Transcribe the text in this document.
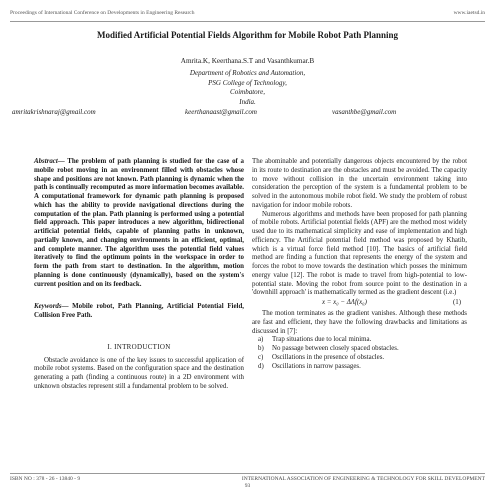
Proceedings of International Conference on Developments in Engineering Research	www.iaetsd.in
Modified Artificial Potential Fields Algorithm for Mobile Robot Path Planning
Amrita.K, Keerthana.S.T and Vasanthkumar.B
Department of Robotics and Automation,
PSG College of Technology,
Coimbatore,
India.
amritakrishnaraj@gmail.com	keerthanaast@gmail.com	vasanthbe@gmail.com

Abstract— The problem of path planning is studied for the case of a mobile robot moving in an environment filled with obstacles whose shape and positions are not known. Path planning is dynamic when the path is continually recomputed as more information becomes available. A computational framework for dynamic path planning is proposed which has the ability to provide navigational directions during the computation of the plan. Path planning is performed using a potential field approach. This paper introduces a new algorithm, bidirectional artificial potential fields, capable of planning paths in unknown, partially known, and changing environments in an efficient, optimal, and complete manner. The algorithm uses the potential field values iteratively to find the optimum points in the workspace in order to form the path from start to destination. In the algorithm, motion planning is done continuously (dynamically), based on the system's current position and on its feedback.

Keywords— Mobile robot, Path Planning, Artificial Potential Field, Collision Free Path.

I. INTRODUCTION

Obstacle avoidance is one of the key issues to successful application of mobile robot systems. Based on the configuration space and the destination generating a path (finding a continuous route) in a 2D environment with unknown obstacles represent still a fundamental problem to be solved.

The abominable and potentially dangerous objects encountered by the robot in its route to destination are the obstacles and must be avoided. The capacity to move without collision in the uncertain environment taking into consideration the perception of the system is a fundamental problem to be solved in the autonomous mobile robot field. We study the problem of robust navigation for indoor mobile robots.

Numerous algorithms and methods have been proposed for path planning of mobile robots. Artificial potential fields (APF) are the method most widely used due to its mathematical simplicity and ease of implementation and high efficiency. The Artificial potential field method was proposed by Khatib, which is a virtual force field method [10]. The basics of artificial field method are finding a function that represents the energy of the system and forces the robot to move towards the destination which posses the minimum energy value [12]. The robot is made to travel from high-potential to low-potential state. Moving the robot from source point to the destination in a 'downhill approach' is mathematically termed as the gradient descent (i.e.)

x = x₀ − ΔΛf(x₀)	(1)

The motion terminates as the gradient vanishes. Although these methods are fast and efficient, they have the following drawbacks and limitations as discussed in [7]:

a) Trap situations due to local minima.
b) No passage between closely spaced obstacles.
c) Oscillations in the presence of obstacles.
d) Oscillations in narrow passages.
ISBN NO : 378 - 26 - 13840 - 9	INTERNATIONAL ASSOCIATION OF ENGINEERING & TECHNOLOGY FOR SKILL DEVELOPMENT
93
